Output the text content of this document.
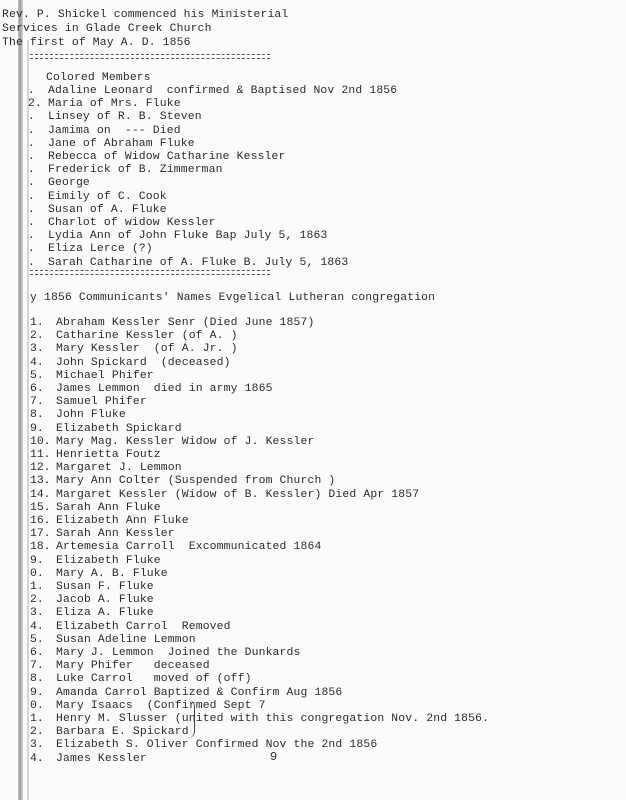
Rev. P. Shickel commenced his Ministerial
Services in Glade Creek Church
The first of May A. D. 1856
Colored Members
. Adaline Leonard  confirmed & Baptised Nov 2nd 1856
2. Maria of Mrs. Fluke
. Linsey of R. B. Steven
. Jamima on  --- Died
. Jane of Abraham Fluke
. Rebecca of Widow Catharine Kessler
. Frederick of B. Zimmerman
. George
. Eimily of C. Cook
. Susan of A. Fluke
. Charlot of widow Kessler
. Lydia Ann of John Fluke Bap July 5, 1863
. Eliza Lerce (?)
. Sarah Catharine of A. Fluke B. July 5, 1863
y 1856 Communicants' Names Evgelical Lutheran congregation
1. Abraham Kessler Senr (Died June 1857)
2. Catharine Kessler (of A. )
3. Mary Kessler  (of A. Jr. )
4. John Spickard  (deceased)
5. Michael Phifer
6. James Lemmon  died in army 1865
7. Samuel Phifer
8. John Fluke
9. Elizabeth Spickard
10. Mary Mag. Kessler Widow of J. Kessler
11. Henrietta Foutz
12. Margaret J. Lemmon
13. Mary Ann Colter (Suspended from Church )
14. Margaret Kessler (Widow of B. Kessler) Died Apr 1857
15. Sarah Ann Fluke
16. Elizabeth Ann Fluke
17. Sarah Ann Kessler
18. Artemesia Carroll  Excommunicated 1864
9. Elizabeth Fluke
0. Mary A. B. Fluke
1. Susan F. Fluke
2. Jacob A. Fluke
3. Eliza A. Fluke
4. Elizabeth Carrol  Removed
5. Susan Adeline Lemmon
6. Mary J. Lemmon  Joined the Dunkards
7. Mary Phifer   deceased
8. Luke Carrol   moved of (off)
9. Amanda Carrol Baptized & Confirm Aug 1856
0. Mary Isaacs  (Confirmed Sept 7
1. Henry M. Slusser (united with this congregation Nov. 2nd 1856.
2. Barbara E. Spickard
3. Elizabeth S. Oliver Confirmed Nov the 2nd 1856
4. James Kessler	9
